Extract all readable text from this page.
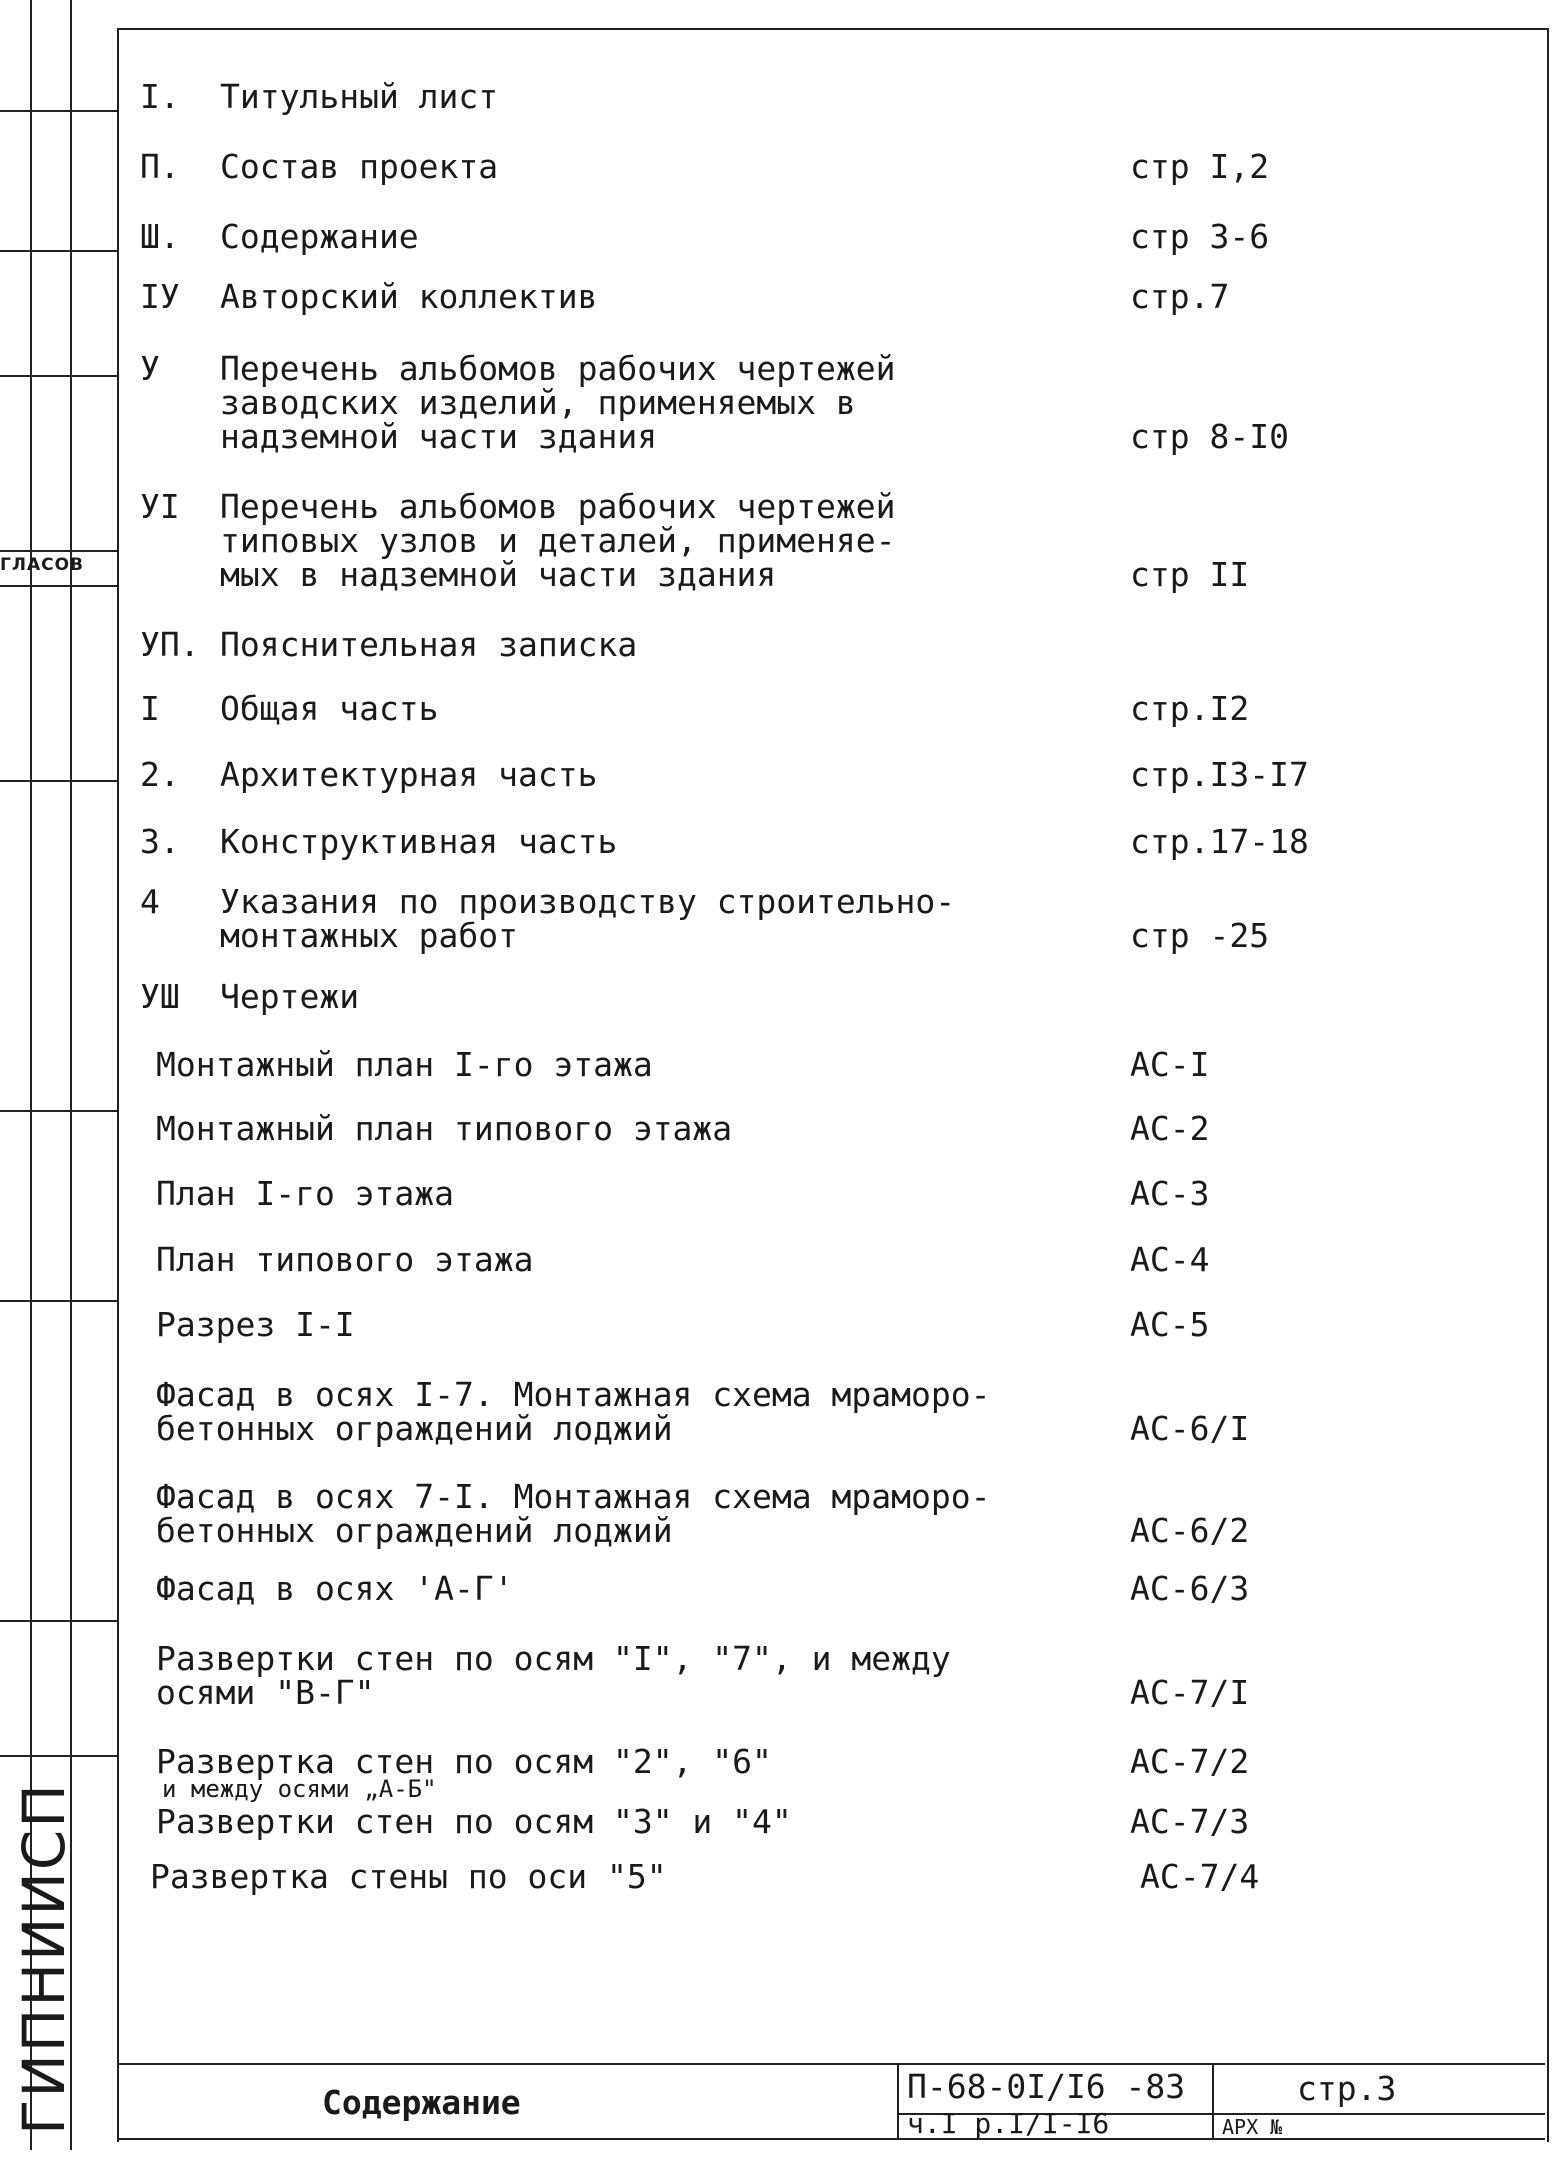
ГЛАСОВ
ГИПНИИСП
I.	Титульный лист
П.	Состав проекта	стр I,2
Ш.	Содержание	стр 3-6
IУ	Авторский коллектив	стр.7
У	Перечень альбомов рабочих чертежей
заводских изделий, применяемых в
надземной части здания	стр 8-I0
УI	Перечень альбомов рабочих чертежей
типовых узлов и деталей, применяе-
мых в надземной части здания	стр II
УП. Пояснительная записка
I	Общая часть	стр.I2
2.	Архитектурная часть	стр.I3-I7
3.	Конструктивная часть	стр.17-18
4	Указания по производству строительно-
монтажных работ	стр -25
УШ	Чертежи
Монтажный план I-го этажа	АС-I
Монтажный план типового этажа	АС-2
План I-го этажа	АС-3
План типового этажа	АС-4
Разрез I-I	АС-5
Фасад в осях I-7. Монтажная схема мраморо-
бетонных ограждений лоджий	АС-6/I
Фасад в осях 7-I. Монтажная схема мраморо-
бетонных ограждений лоджий	АС-6/2
Фасад в осях 'А-Г'	АС-6/3
Развертки стен по осям "I", "7", и между
осями "В-Г"	АС-7/I
Развертка стен по осям "2", "6"	АС-7/2
и между осями „А-Б"
Развертки стен по осям "3" и "4"	АС-7/3
Развертка стены по оси "5"	АС-7/4
Содержание	П-68-0I/I6 -83
ч.I р.I/I-I6
стр.3
АРХ №
